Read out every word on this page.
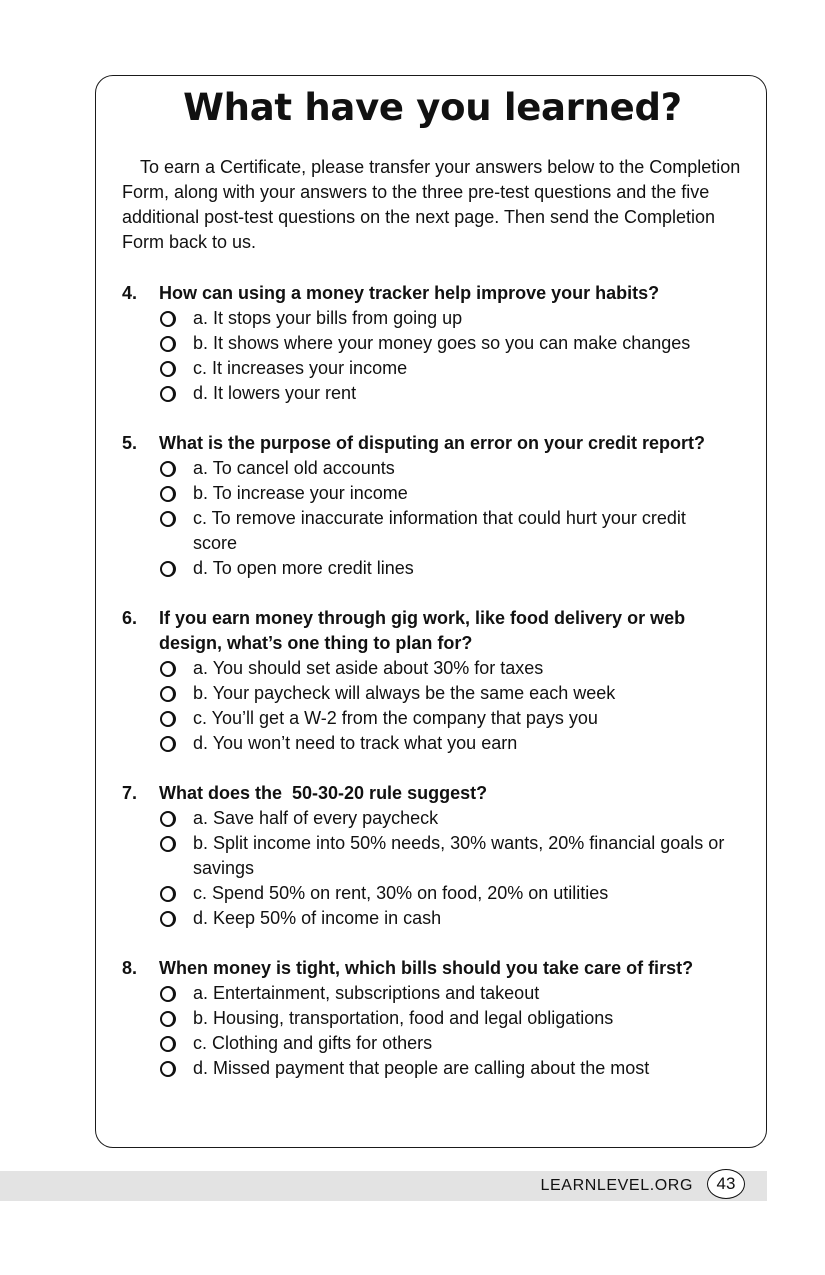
What have you learned?

To earn a Certificate, please transfer your answers below to the Completion Form, along with your answers to the three pre-test questions and the five additional post-test questions on the next page. Then send the Completion Form back to us.

4. How can using a money tracker help improve your habits?

a. It stops your bills from going up
b. It shows where your money goes so you can make changes
c. It increases your income
d. It lowers your rent

5. What is the purpose of disputing an error on your credit report?

a. To cancel old accounts
b. To increase your income
c. To remove inaccurate information that could hurt your credit score
d. To open more credit lines

6. If you earn money through gig work, like food delivery or web design, what’s one thing to plan for?

a. You should set aside about 30% for taxes
b. Your paycheck will always be the same each week
c. You’ll get a W-2 from the company that pays you
d. You won’t need to track what you earn

7. What does the  50-30-20 rule suggest?

a. Save half of every paycheck
b. Split income into 50% needs, 30% wants, 20% financial goals or savings
c. Spend 50% on rent, 30% on food, 20% on utilities
d. Keep 50% of income in cash

8. When money is tight, which bills should you take care of first?

a. Entertainment, subscriptions and takeout
b. Housing, transportation, food and legal obligations
c. Clothing and gifts for others
d. Missed payment that people are calling about the most
LEARNLEVEL.ORG	43
